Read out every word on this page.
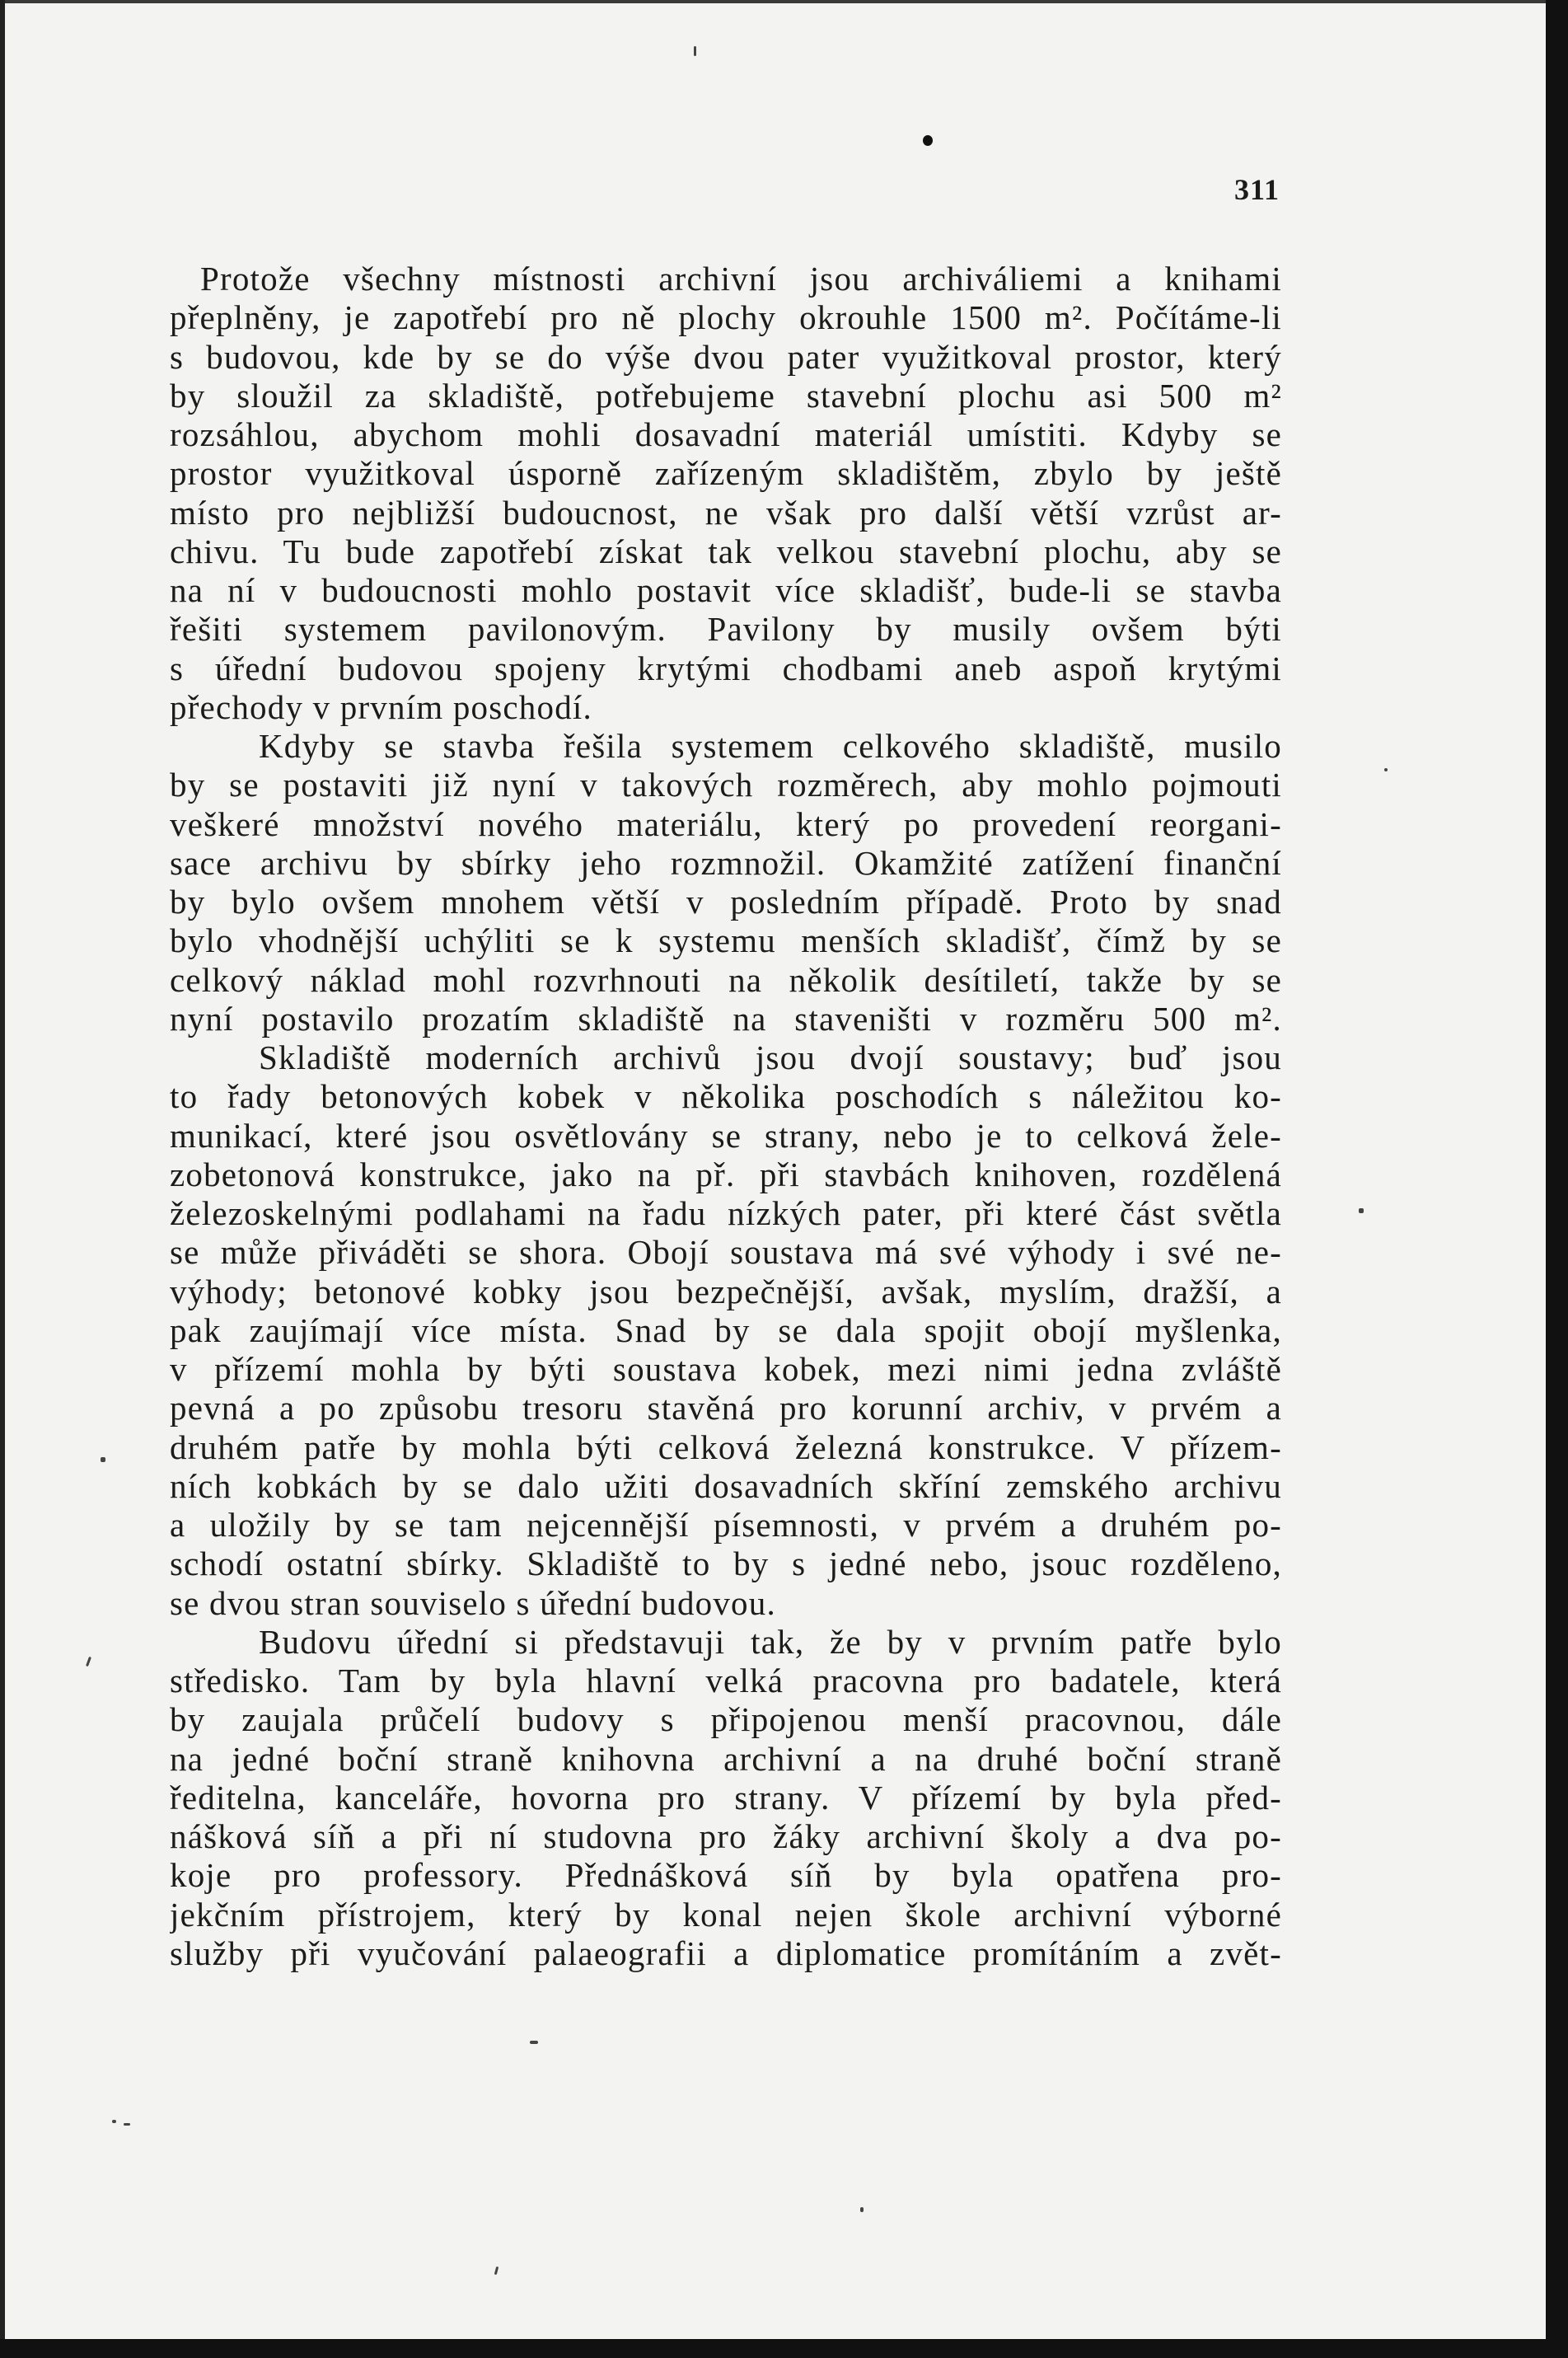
311
Protože všechny místnosti archivní jsou archiváliemi a knihami
přeplněny, je zapotřebí pro ně plochy okrouhle 1500 m². Počítáme-li
s budovou, kde by se do výše dvou pater využitkoval prostor, který
by sloužil za skladiště, potřebujeme stavební plochu asi 500 m²
rozsáhlou, abychom mohli dosavadní materiál umístiti. Kdyby se
prostor využitkoval úsporně zařízeným skladištěm, zbylo by ještě
místo pro nejbližší budoucnost, ne však pro další větší vzrůst ar-
chivu. Tu bude zapotřebí získat tak velkou stavební plochu, aby se
na ní v budoucnosti mohlo postavit více skladišť, bude-li se stavba
řešiti systemem pavilonovým. Pavilony by musily ovšem býti
s úřední budovou spojeny krytými chodbami aneb aspoň krytými
přechody v prvním poschodí.
Kdyby se stavba řešila systemem celkového skladiště, musilo
by se postaviti již nyní v takových rozměrech, aby mohlo pojmouti
veškeré množství nového materiálu, který po provedení reorgani-
sace archivu by sbírky jeho rozmnožil. Okamžité zatížení finanční
by bylo ovšem mnohem větší v posledním případě. Proto by snad
bylo vhodnější uchýliti se k systemu menších skladišť, čímž by se
celkový náklad mohl rozvrhnouti na několik desítiletí, takže by se
nyní postavilo prozatím skladiště na staveništi v rozměru 500 m².
Skladiště moderních archivů jsou dvojí soustavy; buď jsou
to řady betonových kobek v několika poschodích s náležitou ko-
munikací, které jsou osvětlovány se strany, nebo je to celková žele-
zobetonová konstrukce, jako na př. při stavbách knihoven, rozdělená
železoskelnými podlahami na řadu nízkých pater, při které část světla
se může přiváděti se shora. Obojí soustava má své výhody i své ne-
výhody; betonové kobky jsou bezpečnější, avšak, myslím, dražší, a
pak zaujímají více místa. Snad by se dala spojit obojí myšlenka,
v přízemí mohla by býti soustava kobek, mezi nimi jedna zvláště
pevná a po způsobu tresoru stavěná pro korunní archiv, v prvém a
druhém patře by mohla býti celková železná konstrukce. V přízem-
ních kobkách by se dalo užiti dosavadních skříní zemského archivu
a uložily by se tam nejcennější písemnosti, v prvém a druhém po-
schodí ostatní sbírky. Skladiště to by s jedné nebo, jsouc rozděleno,
se dvou stran souviselo s úřední budovou.
Budovu úřední si představuji tak, že by v prvním patře bylo
středisko. Tam by byla hlavní velká pracovna pro badatele, která
by zaujala průčelí budovy s připojenou menší pracovnou, dále
na jedné boční straně knihovna archivní a na druhé boční straně
ředitelna, kanceláře, hovorna pro strany. V přízemí by byla před-
nášková síň a při ní studovna pro žáky archivní školy a dva po-
koje pro professory. Přednášková síň by byla opatřena pro-
jekčním přístrojem, který by konal nejen škole archivní výborné
služby při vyučování palaeografii a diplomatice promítáním a zvět-
